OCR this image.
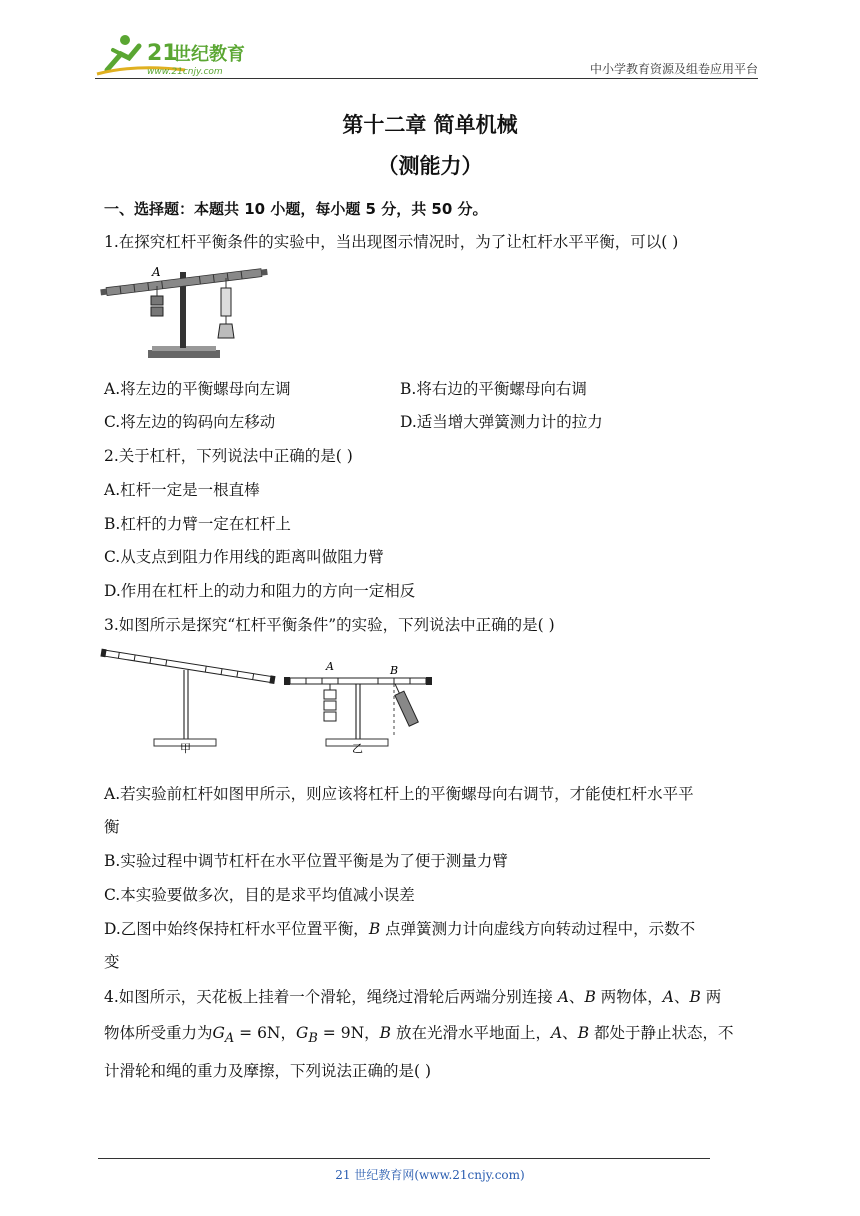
21
世纪教育
www.21cnjy.com	中小学教育资源及组卷应用平台
第十二章 简单机械
（测能力）
一、选择题：本题共 10 小题，每小题 5 分，共 50 分。
1.在探究杠杆平衡条件的实验中，当出现图示情况时，为了让杠杆水平平衡，可以( )
A
A.将左边的平衡螺母向左调	B.将右边的平衡螺母向右调
C.将左边的钩码向左移动	D.适当增大弹簧测力计的拉力
2.关于杠杆，下列说法中正确的是( )
A.杠杆一定是一根直棒
B.杠杆的力臂一定在杠杆上
C.从支点到阻力作用线的距离叫做阻力臂
D.作用在杠杆上的动力和阻力的方向一定相反
3.如图所示是探究“杠杆平衡条件”的实验，下列说法中正确的是( )
甲
A	B
乙
A.若实验前杠杆如图甲所示，则应该将杠杆上的平衡螺母向右调节，才能使杠杆水平平
衡
B.实验过程中调节杠杆在水平位置平衡是为了便于测量力臂
C.本实验要做多次，目的是求平均值减小误差
D.乙图中始终保持杠杆水平位置平衡，B 点弹簧测力计向虚线方向转动过程中，示数不
变
4.如图所示，天花板上挂着一个滑轮，绳绕过滑轮后两端分别连接 A、B 两物体，A、B 两
物体所受重力为$G_A = 6N$，$G_B = 9N$，B 放在光滑水平地面上，A、B 都处于静止状态，不
计滑轮和绳的重力及摩擦，下列说法正确的是( )
21 世纪教育网(www.21cnjy.com)
